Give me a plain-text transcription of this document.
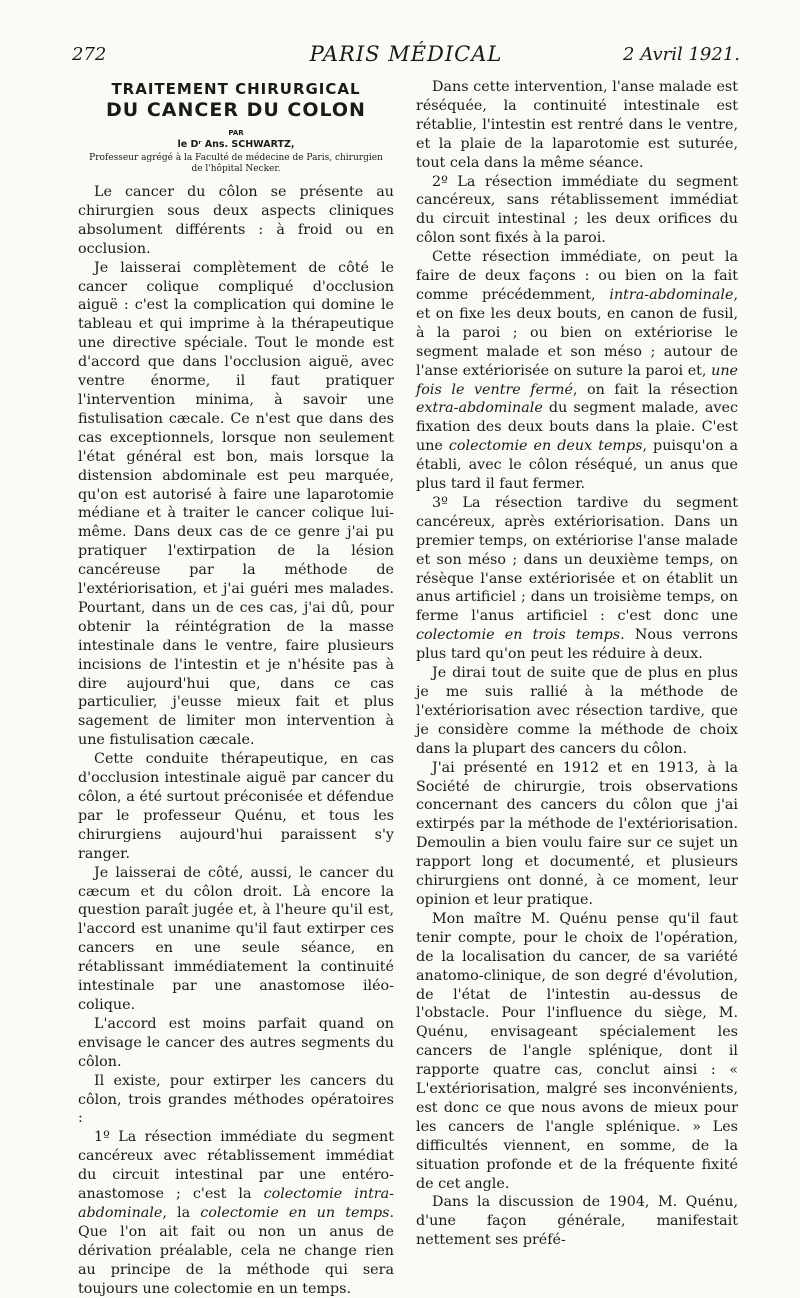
272	PARIS MÉDICAL	2 Avril 1921.
TRAITEMENT CHIRURGICAL
DU CANCER DU COLON
PAR
le Dʳ Ans. SCHWARTZ,
Professeur agrégé à la Faculté de médecine de Paris, chirurgien de l'hôpital Necker.

Le cancer du côlon se présente au chirurgien sous deux aspects cliniques absolument différents : à froid ou en occlusion.

Je laisserai complètement de côté le cancer colique compliqué d'occlusion aiguë : c'est la complication qui domine le tableau et qui imprime à la thérapeutique une directive spéciale. Tout le monde est d'accord que dans l'occlusion aiguë, avec ventre énorme, il faut pratiquer l'intervention minima, à savoir une fistulisation cæcale. Ce n'est que dans des cas exceptionnels, lorsque non seulement l'état général est bon, mais lorsque la distension abdominale est peu marquée, qu'on est autorisé à faire une laparotomie médiane et à traiter le cancer colique lui-même. Dans deux cas de ce genre j'ai pu pratiquer l'extirpation de la lésion cancéreuse par la méthode de l'extériorisation, et j'ai guéri mes malades. Pourtant, dans un de ces cas, j'ai dû, pour obtenir la réintégration de la masse intestinale dans le ventre, faire plusieurs incisions de l'intestin et je n'hésite pas à dire aujourd'hui que, dans ce cas particulier, j'eusse mieux fait et plus sagement de limiter mon intervention à une fistulisation cæcale.

Cette conduite thérapeutique, en cas d'occlusion intestinale aiguë par cancer du côlon, a été surtout préconisée et défendue par le professeur Quénu, et tous les chirurgiens aujourd'hui paraissent s'y ranger.

Je laisserai de côté, aussi, le cancer du cæcum et du côlon droit. Là encore la question paraît jugée et, à l'heure qu'il est, l'accord est unanime qu'il faut extirper ces cancers en une seule séance, en rétablissant immédiatement la continuité intestinale par une anastomose iléo-colique.

L'accord est moins parfait quand on envisage le cancer des autres segments du côlon.

Il existe, pour extirper les cancers du côlon, trois grandes méthodes opératoires :

1º La résection immédiate du segment cancéreux avec rétablissement immédiat du circuit intestinal par une entéro-anastomose ; c'est la colectomie intra-abdominale, la colectomie en un temps. Que l'on ait fait ou non un anus de dérivation préalable, cela ne change rien au principe de la méthode qui sera toujours une colectomie en un temps.

Dans cette intervention, l'anse malade est réséquée, la continuité intestinale est rétablie, l'intestin est rentré dans le ventre, et la plaie de la laparotomie est suturée, tout cela dans la même séance.

2º La résection immédiate du segment cancéreux, sans rétablissement immédiat du circuit intestinal ; les deux orifices du côlon sont fixés à la paroi.

Cette résection immédiate, on peut la faire de deux façons : ou bien on la fait comme précédemment, intra-abdominale, et on fixe les deux bouts, en canon de fusil, à la paroi ; ou bien on extériorise le segment malade et son méso ; autour de l'anse extériorisée on suture la paroi et, une fois le ventre fermé, on fait la résection extra-abdominale du segment malade, avec fixation des deux bouts dans la plaie. C'est une colectomie en deux temps, puisqu'on a établi, avec le côlon réséqué, un anus que plus tard il faut fermer.

3º La résection tardive du segment cancéreux, après extériorisation. Dans un premier temps, on extériorise l'anse malade et son méso ; dans un deuxième temps, on résèque l'anse extériorisée et on établit un anus artificiel ; dans un troisième temps, on ferme l'anus artificiel : c'est donc une colectomie en trois temps. Nous verrons plus tard qu'on peut les réduire à deux.

Je dirai tout de suite que de plus en plus je me suis rallié à la méthode de l'extériorisation avec résection tardive, que je considère comme la méthode de choix dans la plupart des cancers du côlon.

J'ai présenté en 1912 et en 1913, à la Société de chirurgie, trois observations concernant des cancers du côlon que j'ai extirpés par la méthode de l'extériorisation. Demoulin a bien voulu faire sur ce sujet un rapport long et documenté, et plusieurs chirurgiens ont donné, à ce moment, leur opinion et leur pratique.

Mon maître M. Quénu pense qu'il faut tenir compte, pour le choix de l'opération, de la localisation du cancer, de sa variété anatomo-clinique, de son degré d'évolution, de l'état de l'intestin au-dessus de l'obstacle. Pour l'influence du siège, M. Quénu, envisageant spécialement les cancers de l'angle splénique, dont il rapporte quatre cas, conclut ainsi : « L'extériorisation, malgré ses inconvénients, est donc ce que nous avons de mieux pour les cancers de l'angle splénique. » Les difficultés viennent, en somme, de la situation profonde et de la fréquente fixité de cet angle.

Dans la discussion de 1904, M. Quénu, d'une façon générale, manifestait nettement ses préfé-
